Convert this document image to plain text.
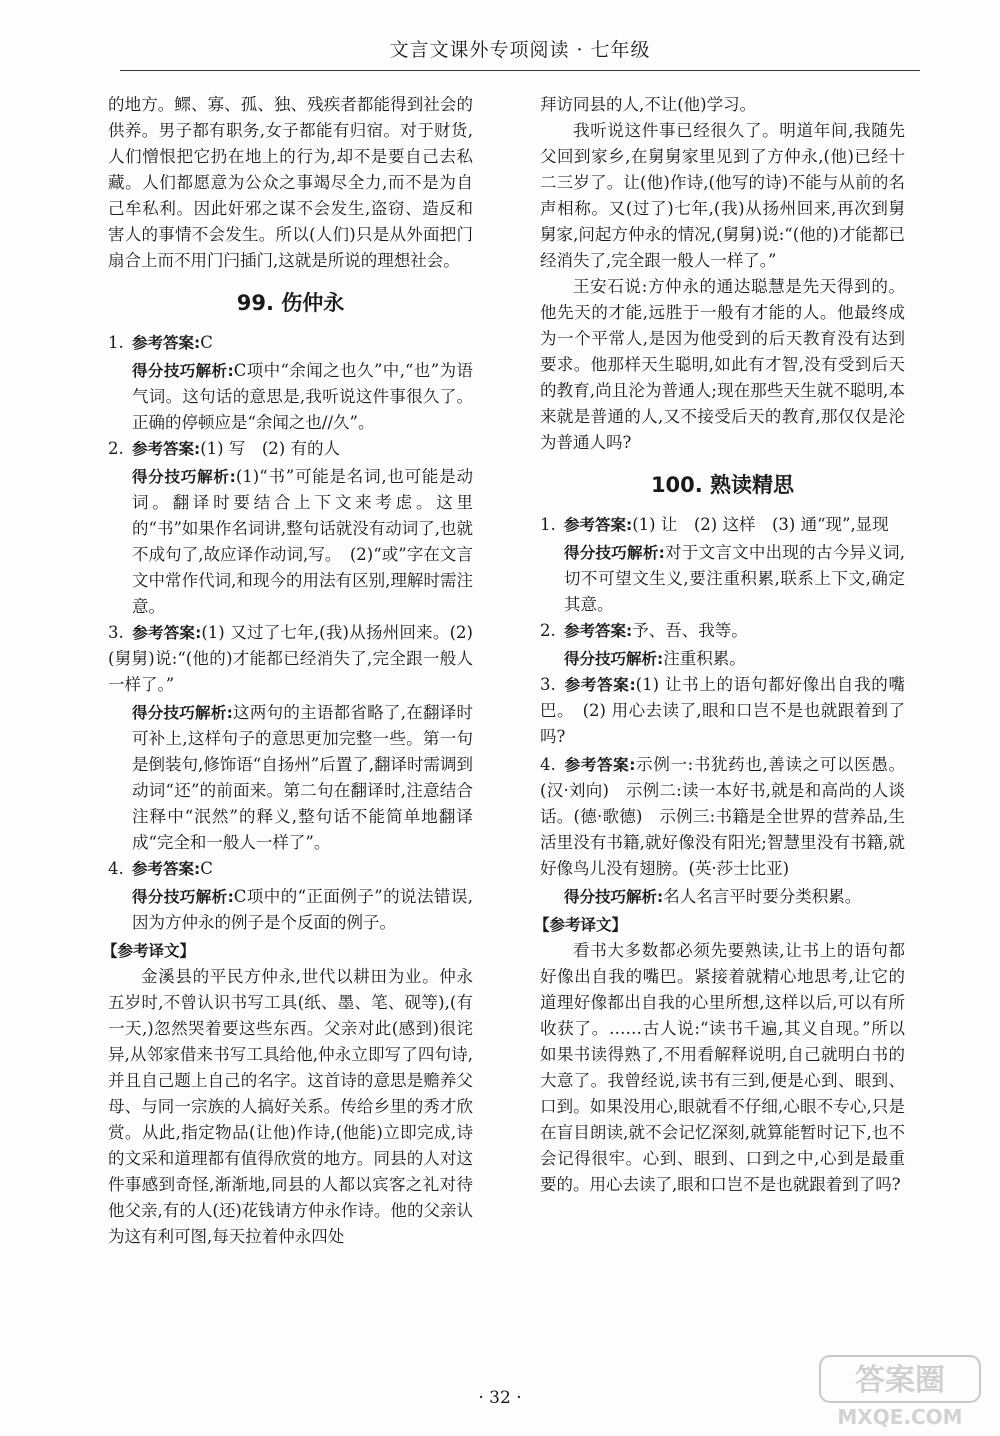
文言文课外专项阅读 · 七年级

的地方。鳏、寡、孤、独、残疾者都能得到社会的供养。男子都有职务,女子都能有归宿。对于财货,人们憎恨把它扔在地上的行为,却不是要自己去私藏。人们都愿意为公众之事竭尽全力,而不是为自己牟私利。因此奸邪之谋不会发生,盗窃、造反和害人的事情不会发生。所以(人们)只是从外面把门扇合上而不用门闩插门,这就是所说的理想社会。

99. 伤仲永
1. 参考答案:C

得分技巧解析:C项中“余闻之也久”中,“也”为语气词。这句话的意思是,我听说这件事很久了。正确的停顿应是“余闻之也//久”。

2. 参考答案:(1) 写　(2) 有的人

得分技巧解析:(1)“书”可能是名词,也可能是动词。翻译时要结合上下文来考虑。这里的“书”如果作名词讲,整句话就没有动词了,也就不成句了,故应译作动词,写。　(2)“或”字在文言文中常作代词,和现今的用法有区别,理解时需注意。

3. 参考答案:(1) 又过了七年,(我)从扬州回来。(2)(舅舅)说:“(他的)才能都已经消失了,完全跟一般人一样了。”

得分技巧解析:这两句的主语都省略了,在翻译时可补上,这样句子的意思更加完整一些。第一句是倒装句,修饰语“自扬州”后置了,翻译时需调到动词“还”的前面来。第二句在翻译时,注意结合注释中“泯然”的释义,整句话不能简单地翻译成“完全和一般人一样了”。

4. 参考答案:C

得分技巧解析:C项中的“正面例子”的说法错误,因为方仲永的例子是个反面的例子。

【参考译文】

金溪县的平民方仲永,世代以耕田为业。仲永五岁时,不曾认识书写工具(纸、墨、笔、砚等),(有一天,)忽然哭着要这些东西。父亲对此(感到)很诧异,从邻家借来书写工具给他,仲永立即写了四句诗,并且自己题上自己的名字。这首诗的意思是赡养父母、与同一宗族的人搞好关系。传给乡里的秀才欣赏。从此,指定物品(让他)作诗,(他能)立即完成,诗的文采和道理都有值得欣赏的地方。同县的人对这件事感到奇怪,渐渐地,同县的人都以宾客之礼对待他父亲,有的人(还)花钱请方仲永作诗。他的父亲认为这有利可图,每天拉着仲永四处

拜访同县的人,不让(他)学习。

我听说这件事已经很久了。明道年间,我随先父回到家乡,在舅舅家里见到了方仲永,(他)已经十二三岁了。让(他)作诗,(他写的诗)不能与从前的名声相称。又(过了)七年,(我)从扬州回来,再次到舅舅家,问起方仲永的情况,(舅舅)说:“(他的)才能都已经消失了,完全跟一般人一样了。”

王安石说:方仲永的通达聪慧是先天得到的。他先天的才能,远胜于一般有才能的人。他最终成为一个平常人,是因为他受到的后天教育没有达到要求。他那样天生聪明,如此有才智,没有受到后天的教育,尚且沦为普通人;现在那些天生就不聪明,本来就是普通的人,又不接受后天的教育,那仅仅是沦为普通人吗?

100. 熟读精思
1. 参考答案:(1) 让　(2) 这样　(3) 通“现”,显现

得分技巧解析:对于文言文中出现的古今异义词,切不可望文生义,要注重积累,联系上下文,确定其意。

2. 参考答案:予、吾、我等。

得分技巧解析:注重积累。

3. 参考答案:(1) 让书上的语句都好像出自我的嘴巴。　(2) 用心去读了,眼和口岂不是也就跟着到了吗?
4. 参考答案:示例一:书犹药也,善读之可以医愚。(汉·刘向)　示例二:读一本好书,就是和高尚的人谈话。(德·歌德)　示例三:书籍是全世界的营养品,生活里没有书籍,就好像没有阳光;智慧里没有书籍,就好像鸟儿没有翅膀。(英·莎士比亚)

得分技巧解析:名人名言平时要分类积累。

【参考译文】

看书大多数都必须先要熟读,让书上的语句都好像出自我的嘴巴。紧接着就精心地思考,让它的道理好像都出自我的心里所想,这样以后,可以有所收获了。……古人说:“读书千遍,其义自现。”所以如果书读得熟了,不用看解释说明,自己就明白书的大意了。我曾经说,读书有三到,便是心到、眼到、口到。如果没用心,眼就看不仔细,心眼不专心,只是在盲目朗读,就不会记忆深刻,就算能暂时记下,也不会记得很牢。心到、眼到、口到之中,心到是最重要的。用心去读了,眼和口岂不是也就跟着到了吗?

· 32 ·	答案圈
MXQE.COM
